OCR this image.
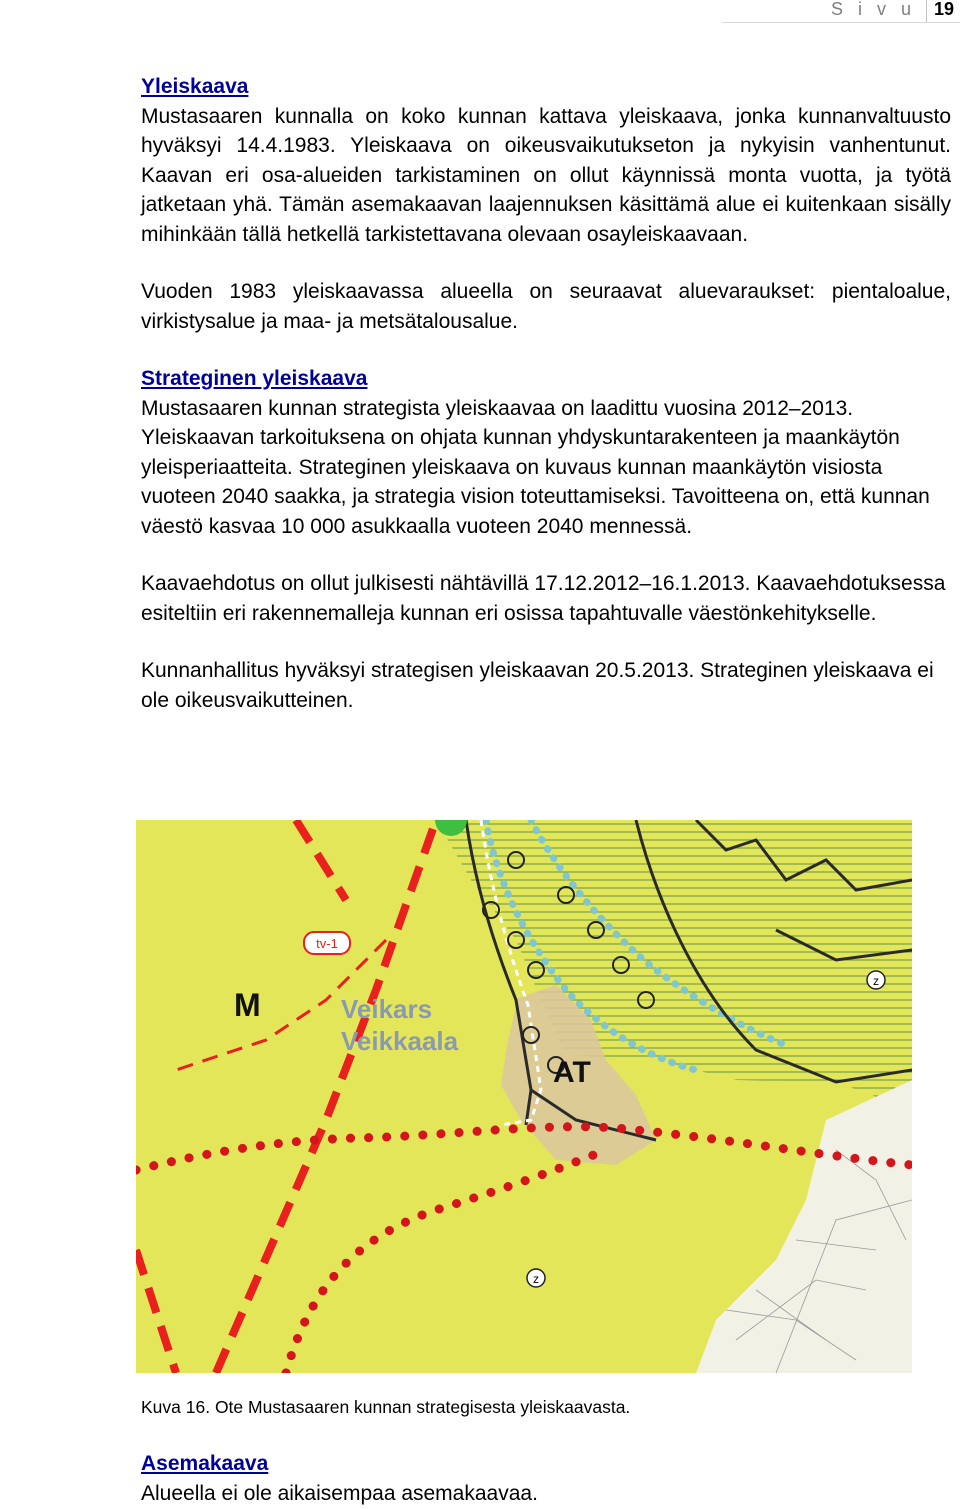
S i v u 19

Yleiskaava

Mustasaaren kunnalla on koko kunnan kattava yleiskaava, jonka kunnanvaltuusto hyväksyi 14.4.1983. Yleiskaava on oikeusvaikutukseton ja nykyisin vanhentunut. Kaavan eri osa-alueiden tarkistaminen on ollut käynnissä monta vuotta, ja työtä jatketaan yhä. Tämän asemakaavan laajennuksen käsittämä alue ei kuitenkaan sisälly mihinkään tällä hetkellä tarkistettavana olevaan osayleiskaavaan.

Vuoden 1983 yleiskaavassa alueella on seuraavat aluevaraukset: pientaloalue, virkistysalue ja maa- ja metsätalousalue.

Strateginen yleiskaava

Mustasaaren kunnan strategista yleiskaavaa on laadittu vuosina 2012–2013. Yleiskaavan tarkoituksena on ohjata kunnan yhdyskuntarakenteen ja maankäytön yleisperiaatteita. Strateginen yleiskaava on kuvaus kunnan maankäytön visiosta vuoteen 2040 saakka, ja strategia vision toteuttamiseksi. Tavoitteena on, että kunnan väestö kasvaa 10 000 asukkaalla vuoteen 2040 mennessä.

Kaavaehdotus on ollut julkisesti nähtävillä 17.12.2012–16.1.2013. Kaavaehdotuksessa esiteltiin eri rakennemalleja kunnan eri osissa tapahtuvalle väestönkehitykselle.

Kunnanhallitus hyväksyi strategisen yleiskaavan 20.5.2013. Strateginen yleiskaava ei ole oikeusvaikutteinen.

z
z
tv-1
M	Veikars
Veikkaala
AT

Kuva 16. Ote Mustasaaren kunnan strategisesta yleiskaavasta.

Asemakaava

Alueella ei ole aikaisempaa asemakaavaa.
